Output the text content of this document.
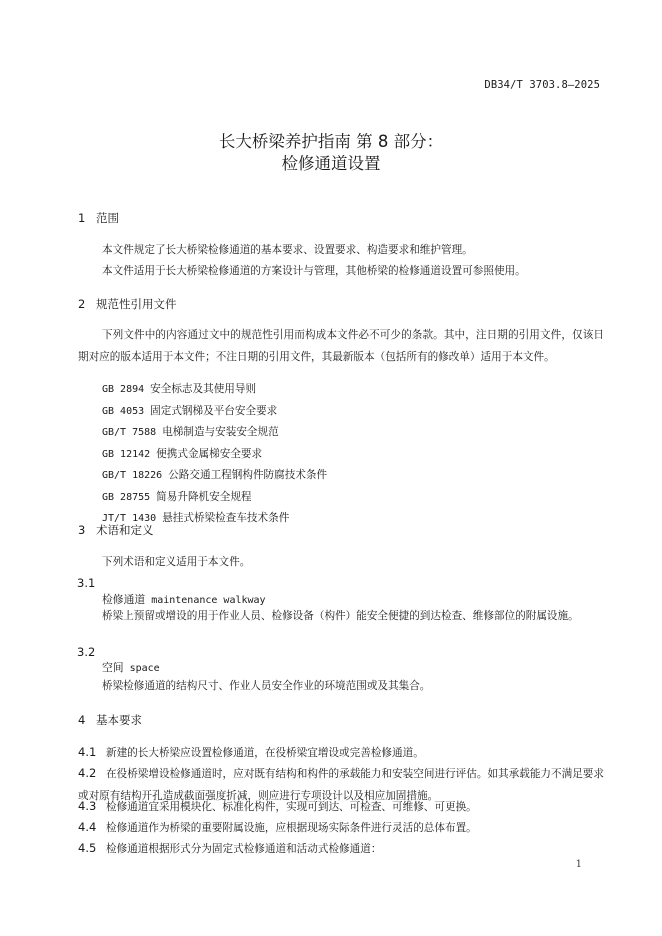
DB34/T 3703.8—2025
长大桥梁养护指南 第 8 部分：
检修通道设置
1 范围

本文件规定了长大桥梁检修通道的基本要求、设置要求、构造要求和维护管理。

本文件适用于长大桥梁检修通道的方案设计与管理，其他桥梁的检修通道设置可参照使用。

2 规范性引用文件

下列文件中的内容通过文中的规范性引用而构成本文件必不可少的条款。其中，注日期的引用文件，仅该日期对应的版本适用于本文件；不注日期的引用文件，其最新版本（包括所有的修改单）适用于本文件。

GB 2894 安全标志及其使用导则
GB 4053 固定式钢梯及平台安全要求
GB/T 7588 电梯制造与安装安全规范
GB 12142 便携式金属梯安全要求
GB/T 18226 公路交通工程钢构件防腐技术条件
GB 28755 简易升降机安全规程
JT/T 1430 悬挂式桥梁检查车技术条件
3 术语和定义

下列术语和定义适用于本文件。

3.1
检修通道 maintenance walkway

桥梁上预留或增设的用于作业人员、检修设备（构件）能安全便捷的到达检查、维修部位的附属设施。

3.2
空间 space

桥梁检修通道的结构尺寸、作业人员安全作业的环境范围或及其集合。

4 基本要求

4.1 新建的长大桥梁应设置检修通道，在役桥梁宜增设或完善检修通道。

4.2 在役桥梁增设检修通道时，应对既有结构和构件的承载能力和安装空间进行评估。如其承载能力不满足要求或对原有结构开孔造成截面强度折减，则应进行专项设计以及相应加固措施。

4.3 检修通道宜采用模块化、标准化构件，实现可到达、可检查、可维修、可更换。

4.4 检修通道作为桥梁的重要附属设施，应根据现场实际条件进行灵活的总体布置。

4.5 检修通道根据形式分为固定式检修通道和活动式检修通道：

1
